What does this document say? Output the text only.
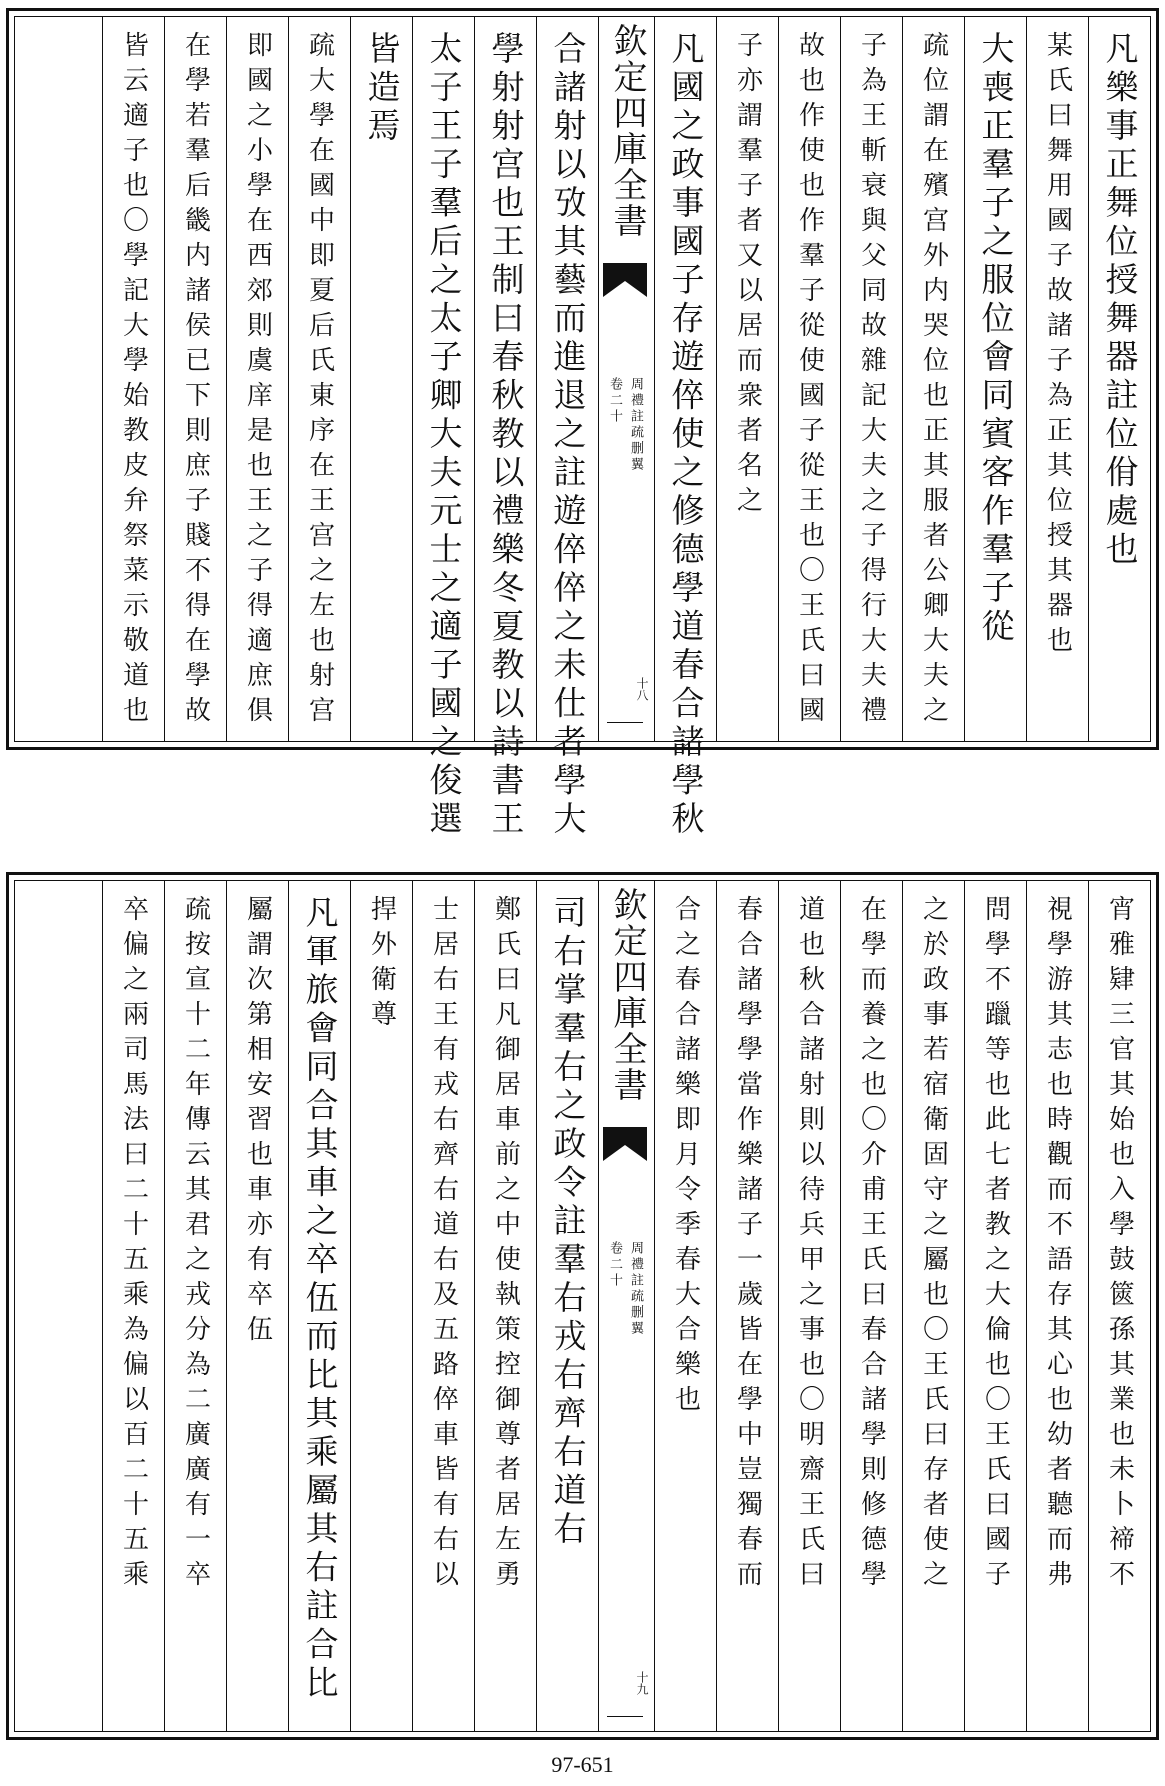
凡樂事正舞位授舞器註位佾處也
某氏曰舞用國子故諸子為正其位授其器也
大喪正羣子之服位會同賓客作羣子從
疏位謂在殯宫外内哭位也正其服者公卿大夫之
子為王斬衰與父同故雜記大夫之子得行大夫禮
故也作使也作羣子從使國子從王也〇王氏曰國
子亦謂羣子者又以居而衆者名之
凡國之政事國子存遊倅使之修德學道春合諸學秋
欽定四庫全書
周禮註疏删翼
卷二十
十八
合諸射以攷其藝而進退之註遊倅倅之未仕者學大
學射射宫也王制曰春秋教以禮樂冬夏教以詩書王
太子王子羣后之太子卿大夫元士之適子國之俊選
皆造焉
疏大學在國中即夏后氏東序在王宫之左也射宫
即國之小學在西郊則虞庠是也王之子得適庶俱
在學若羣后畿内諸侯已下則庶子賤不得在學故
皆云適子也〇學記大學始教皮弁祭菜示敬道也
宵雅肄三官其始也入學鼓篋孫其業也未卜禘不
視學游其志也時觀而不語存其心也幼者聽而弗
問學不躐等也此七者教之大倫也〇王氏曰國子
之於政事若宿衛固守之屬也〇王氏曰存者使之
在學而養之也〇介甫王氏曰春合諸學則修德學
道也秋合諸射則以待兵甲之事也〇明齋王氏曰
春合諸學學當作樂諸子一歲皆在學中豈獨春而
合之春合諸樂即月令季春大合樂也
欽定四庫全書
周禮註疏删翼
卷二十
十九
司右掌羣右之政令註羣右戎右齊右道右
鄭氏曰凡御居車前之中使執策控御尊者居左勇
士居右王有戎右齊右道右及五路倅車皆有右以
捍外衛尊
凡軍旅會同合其車之卒伍而比其乘屬其右註合比
屬謂次第相安習也車亦有卒伍
疏按宣十二年傳云其君之戎分為二廣廣有一卒
卒偏之兩司馬法曰二十五乘為偏以百二十五乘
97-651
